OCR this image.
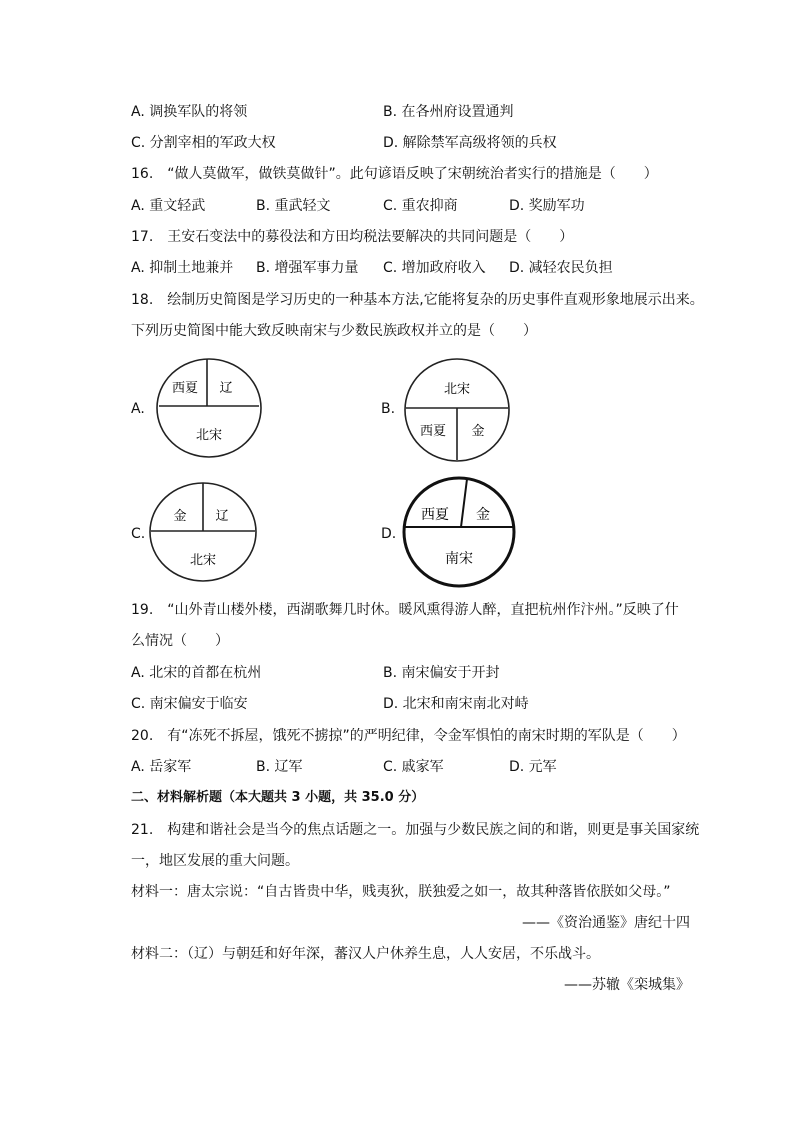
A. 调换军队的将领	B. 在各州府设置通判
C. 分割宰相的军政大权	D. 解除禁军高级将领的兵权
16.　“做人莫做军，做铁莫做针”。此句谚语反映了宋朝统治者实行的措施是（　　）
A. 重文轻武	B. 重武轻文	C. 重农抑商	D. 奖励军功
17.　王安石变法中的募役法和方田均税法要解决的共同问题是（　　）
A. 抑制土地兼并 B. 增强军事力量 C. 增加政府收入 D. 减轻农民负担
18.　绘制历史简图是学习历史的一种基本方法,它能将复杂的历史事件直观形象地展示出来。
下列历史简图中能大致反映南宋与少数民族政权并立的是（　　）
A.
西夏 辽
北宋
B.
北宋
西夏 金
C.
金 辽
北宋
D.
西夏 金
南宋
19.　“山外青山楼外楼，西湖歌舞几时休。暖风熏得游人醉，直把杭州作汴州。”反映了什
么情况（　　）
A. 北宋的首都在杭州	B. 南宋偏安于开封
C. 南宋偏安于临安	D. 北宋和南宋南北对峙
20.　有“冻死不拆屋，饿死不掳掠”的严明纪律，令金军惧怕的南宋时期的军队是（　　）
A. 岳家军	B. 辽军	C. 戚家军	D. 元军
二、材料解析题（本大题共 3 小题，共 35.0 分）
21.　构建和谐社会是当今的焦点话题之一。加强与少数民族之间的和谐，则更是事关国家统
一，地区发展的重大问题。
材料一：唐太宗说：“自古皆贵中华，贱夷狄，朕独爱之如一，故其种落皆依朕如父母。”
——《资治通鉴》唐纪十四
材料二：（辽）与朝廷和好年深，蕃汉人户休养生息，人人安居，不乐战斗。
——苏辙《栾城集》
